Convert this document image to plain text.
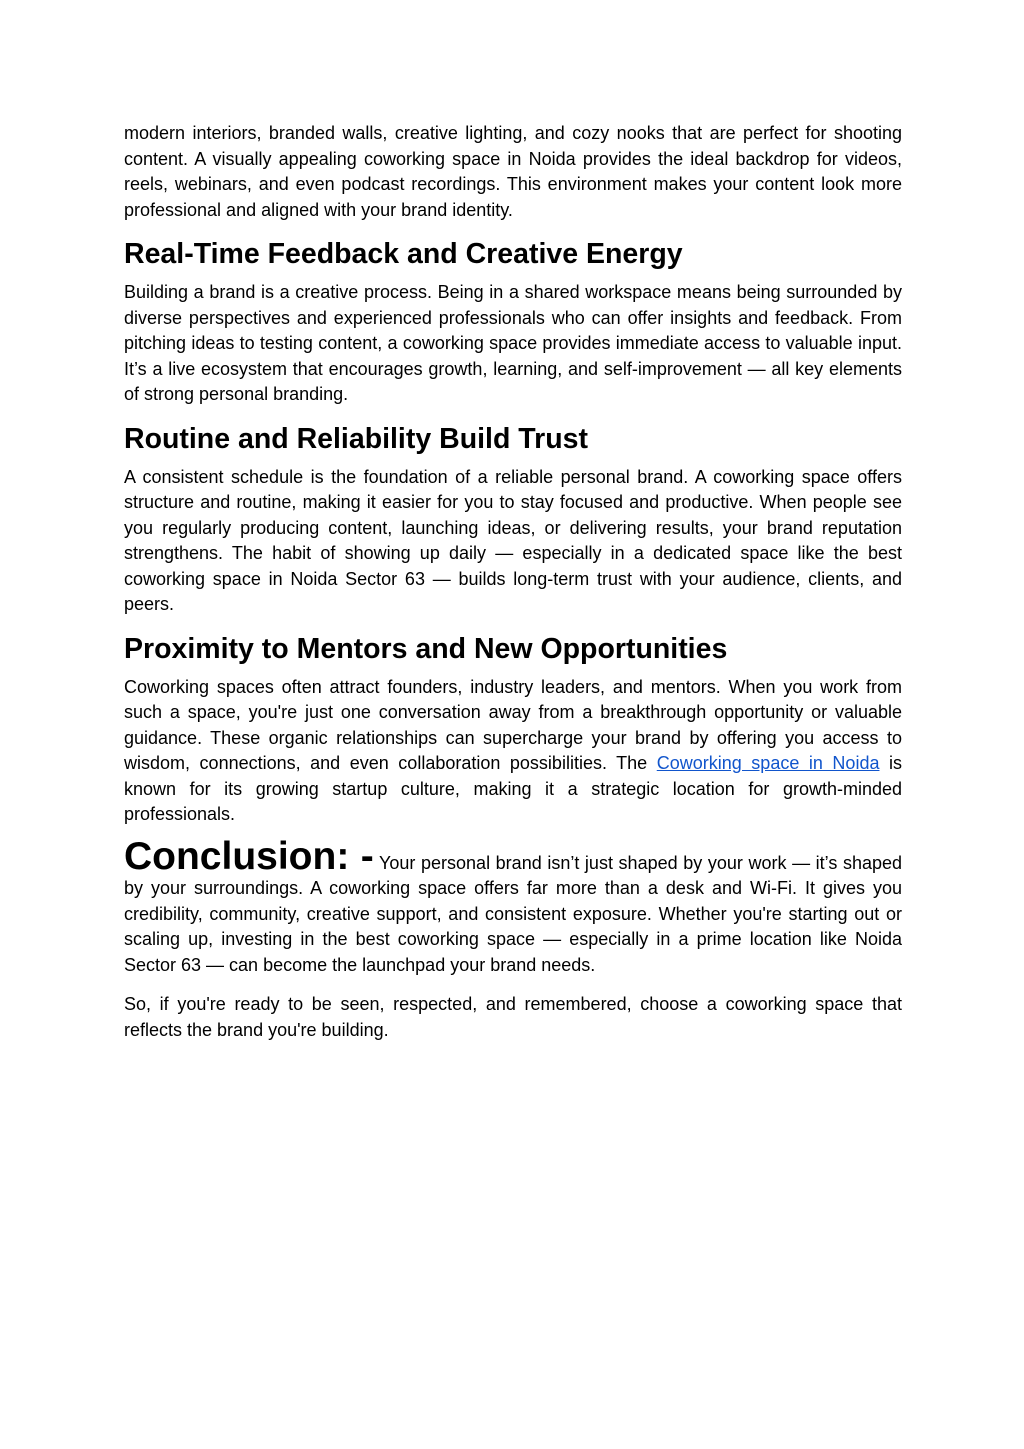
modern interiors, branded walls, creative lighting, and cozy nooks that are perfect for shooting content. A visually appealing coworking space in Noida provides the ideal backdrop for videos, reels, webinars, and even podcast recordings. This environment makes your content look more professional and aligned with your brand identity.

Real-Time Feedback and Creative Energy

Building a brand is a creative process. Being in a shared workspace means being surrounded by diverse perspectives and experienced professionals who can offer insights and feedback. From pitching ideas to testing content, a coworking space provides immediate access to valuable input. It’s a live ecosystem that encourages growth, learning, and self-improvement — all key elements of strong personal branding.

Routine and Reliability Build Trust

A consistent schedule is the foundation of a reliable personal brand. A coworking space offers structure and routine, making it easier for you to stay focused and productive. When people see you regularly producing content, launching ideas, or delivering results, your brand reputation strengthens. The habit of showing up daily — especially in a dedicated space like the best coworking space in Noida Sector 63 — builds long-term trust with your audience, clients, and peers.

Proximity to Mentors and New Opportunities

Coworking spaces often attract founders, industry leaders, and mentors. When you work from such a space, you're just one conversation away from a breakthrough opportunity or valuable guidance. These organic relationships can supercharge your brand by offering you access to wisdom, connections, and even collaboration possibilities. The Coworking space in Noida is known for its growing startup culture, making it a strategic location for growth-minded professionals.

Conclusion: - Your personal brand isn’t just shaped by your work — it’s shaped by your surroundings. A coworking space offers far more than a desk and Wi-Fi. It gives you credibility, community, creative support, and consistent exposure. Whether you're starting out or scaling up, investing in the best coworking space — especially in a prime location like Noida Sector 63 — can become the launchpad your brand needs.

So, if you're ready to be seen, respected, and remembered, choose a coworking space that reflects the brand you're building.
